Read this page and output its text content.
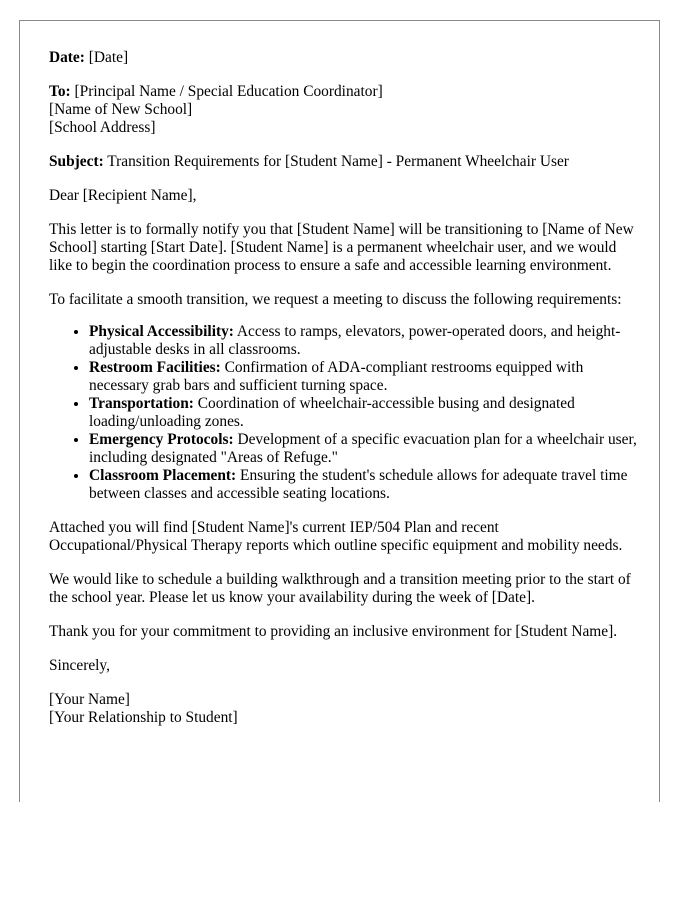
Date: [Date]

To: [Principal Name / Special Education Coordinator]
[Name of New School]
[School Address]

Subject: Transition Requirements for [Student Name] - Permanent Wheelchair User

Dear [Recipient Name],

This letter is to formally notify you that [Student Name] will be transitioning to [Name of New School] starting [Start Date]. [Student Name] is a permanent wheelchair user, and we would like to begin the coordination process to ensure a safe and accessible learning environment.

To facilitate a smooth transition, we request a meeting to discuss the following requirements:

• Physical Accessibility: Access to ramps, elevators, power-operated doors, and height-adjustable desks in all classrooms.
• Restroom Facilities: Confirmation of ADA-compliant restrooms equipped with necessary grab bars and sufficient turning space.
• Transportation: Coordination of wheelchair-accessible busing and designated loading/unloading zones.
• Emergency Protocols: Development of a specific evacuation plan for a wheelchair user, including designated "Areas of Refuge."
• Classroom Placement: Ensuring the student's schedule allows for adequate travel time between classes and accessible seating locations.

Attached you will find [Student Name]'s current IEP/504 Plan and recent Occupational/Physical Therapy reports which outline specific equipment and mobility needs.

We would like to schedule a building walkthrough and a transition meeting prior to the start of the school year. Please let us know your availability during the week of [Date].

Thank you for your commitment to providing an inclusive environment for [Student Name].

Sincerely,

[Your Name]
[Your Relationship to Student]
